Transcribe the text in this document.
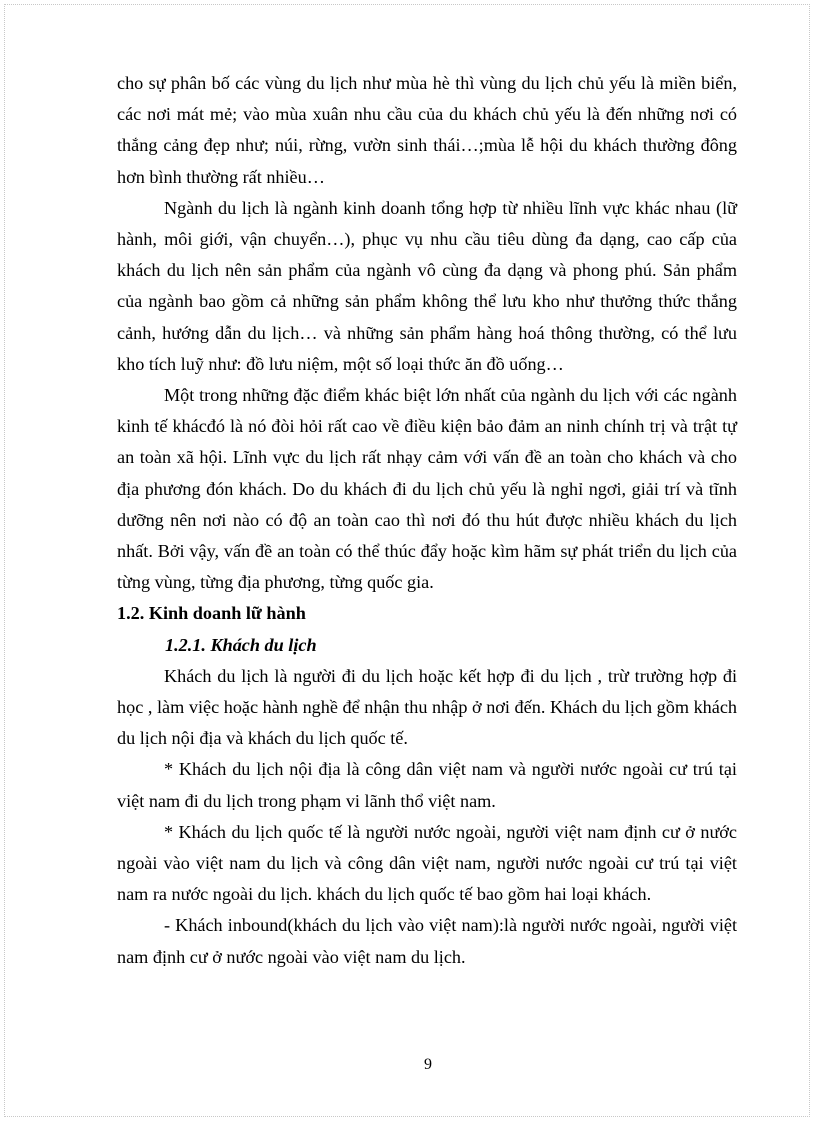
cho sự phân bố các vùng du lịch như mùa hè thì vùng du lịch chủ yếu là miền biển, các nơi mát mẻ; vào mùa xuân nhu cầu của du khách chủ yếu là đến những nơi có thắng cảng đẹp như; núi, rừng, vườn sinh thái…;mùa lễ hội du khách thường đông hơn bình thường rất nhiều…

Ngành du lịch là ngành kinh doanh tổng hợp từ nhiều lĩnh vực khác nhau (lữ hành, môi giới, vận chuyển…), phục vụ nhu cầu tiêu dùng đa dạng, cao cấp của khách du lịch nên sản phẩm của ngành vô cùng đa dạng và phong phú. Sản phẩm của ngành bao gồm cả những sản phẩm không thể lưu kho như thưởng thức thắng cảnh, hướng dẫn du lịch… và những sản phẩm hàng hoá thông thường, có thể lưu kho tích luỹ như: đồ lưu niệm, một số loại thức ăn đồ uống…

Một trong những đặc điểm khác biệt lớn nhất của ngành du lịch với các ngành kinh tế khácđó là nó đòi hỏi rất cao về điều kiện bảo đảm an ninh chính trị và trật tự an toàn xã hội. Lĩnh vực du lịch rất nhạy cảm với vấn đề an toàn cho khách và cho địa phương đón khách. Do du khách đi du lịch chủ yếu là nghỉ ngơi, giải trí và tĩnh dưỡng nên nơi nào có độ an toàn cao thì nơi đó thu hút được nhiều khách du lịch nhất. Bởi vậy, vấn đề an toàn có thể thúc đẩy hoặc kìm hãm sự phát triển du lịch của từng vùng, từng địa phương, từng quốc gia.

1.2. Kinh doanh lữ hành

1.2.1. Khách du lịch

Khách du lịch là người đi du lịch hoặc kết hợp đi du lịch , trừ trường hợp đi học , làm việc hoặc hành nghề để nhận thu nhập ở nơi đến. Khách du lịch gồm khách du lịch nội địa và khách du lịch quốc tế.

* Khách du lịch nội địa là công dân việt nam và người nước ngoài cư trú tại việt nam đi du lịch trong phạm vi lãnh thổ việt nam.

* Khách du lịch quốc tế là người nước ngoài, người việt nam định cư ở nước ngoài vào việt nam du lịch và công dân việt nam, người nước ngoài cư trú tại việt nam ra nước ngoài du lịch. khách du lịch quốc tế bao gồm hai loại khách.

- Khách inbound(khách du lịch vào việt nam):là người nước ngoài, người việt nam định cư ở nước ngoài vào việt nam du lịch.

9
